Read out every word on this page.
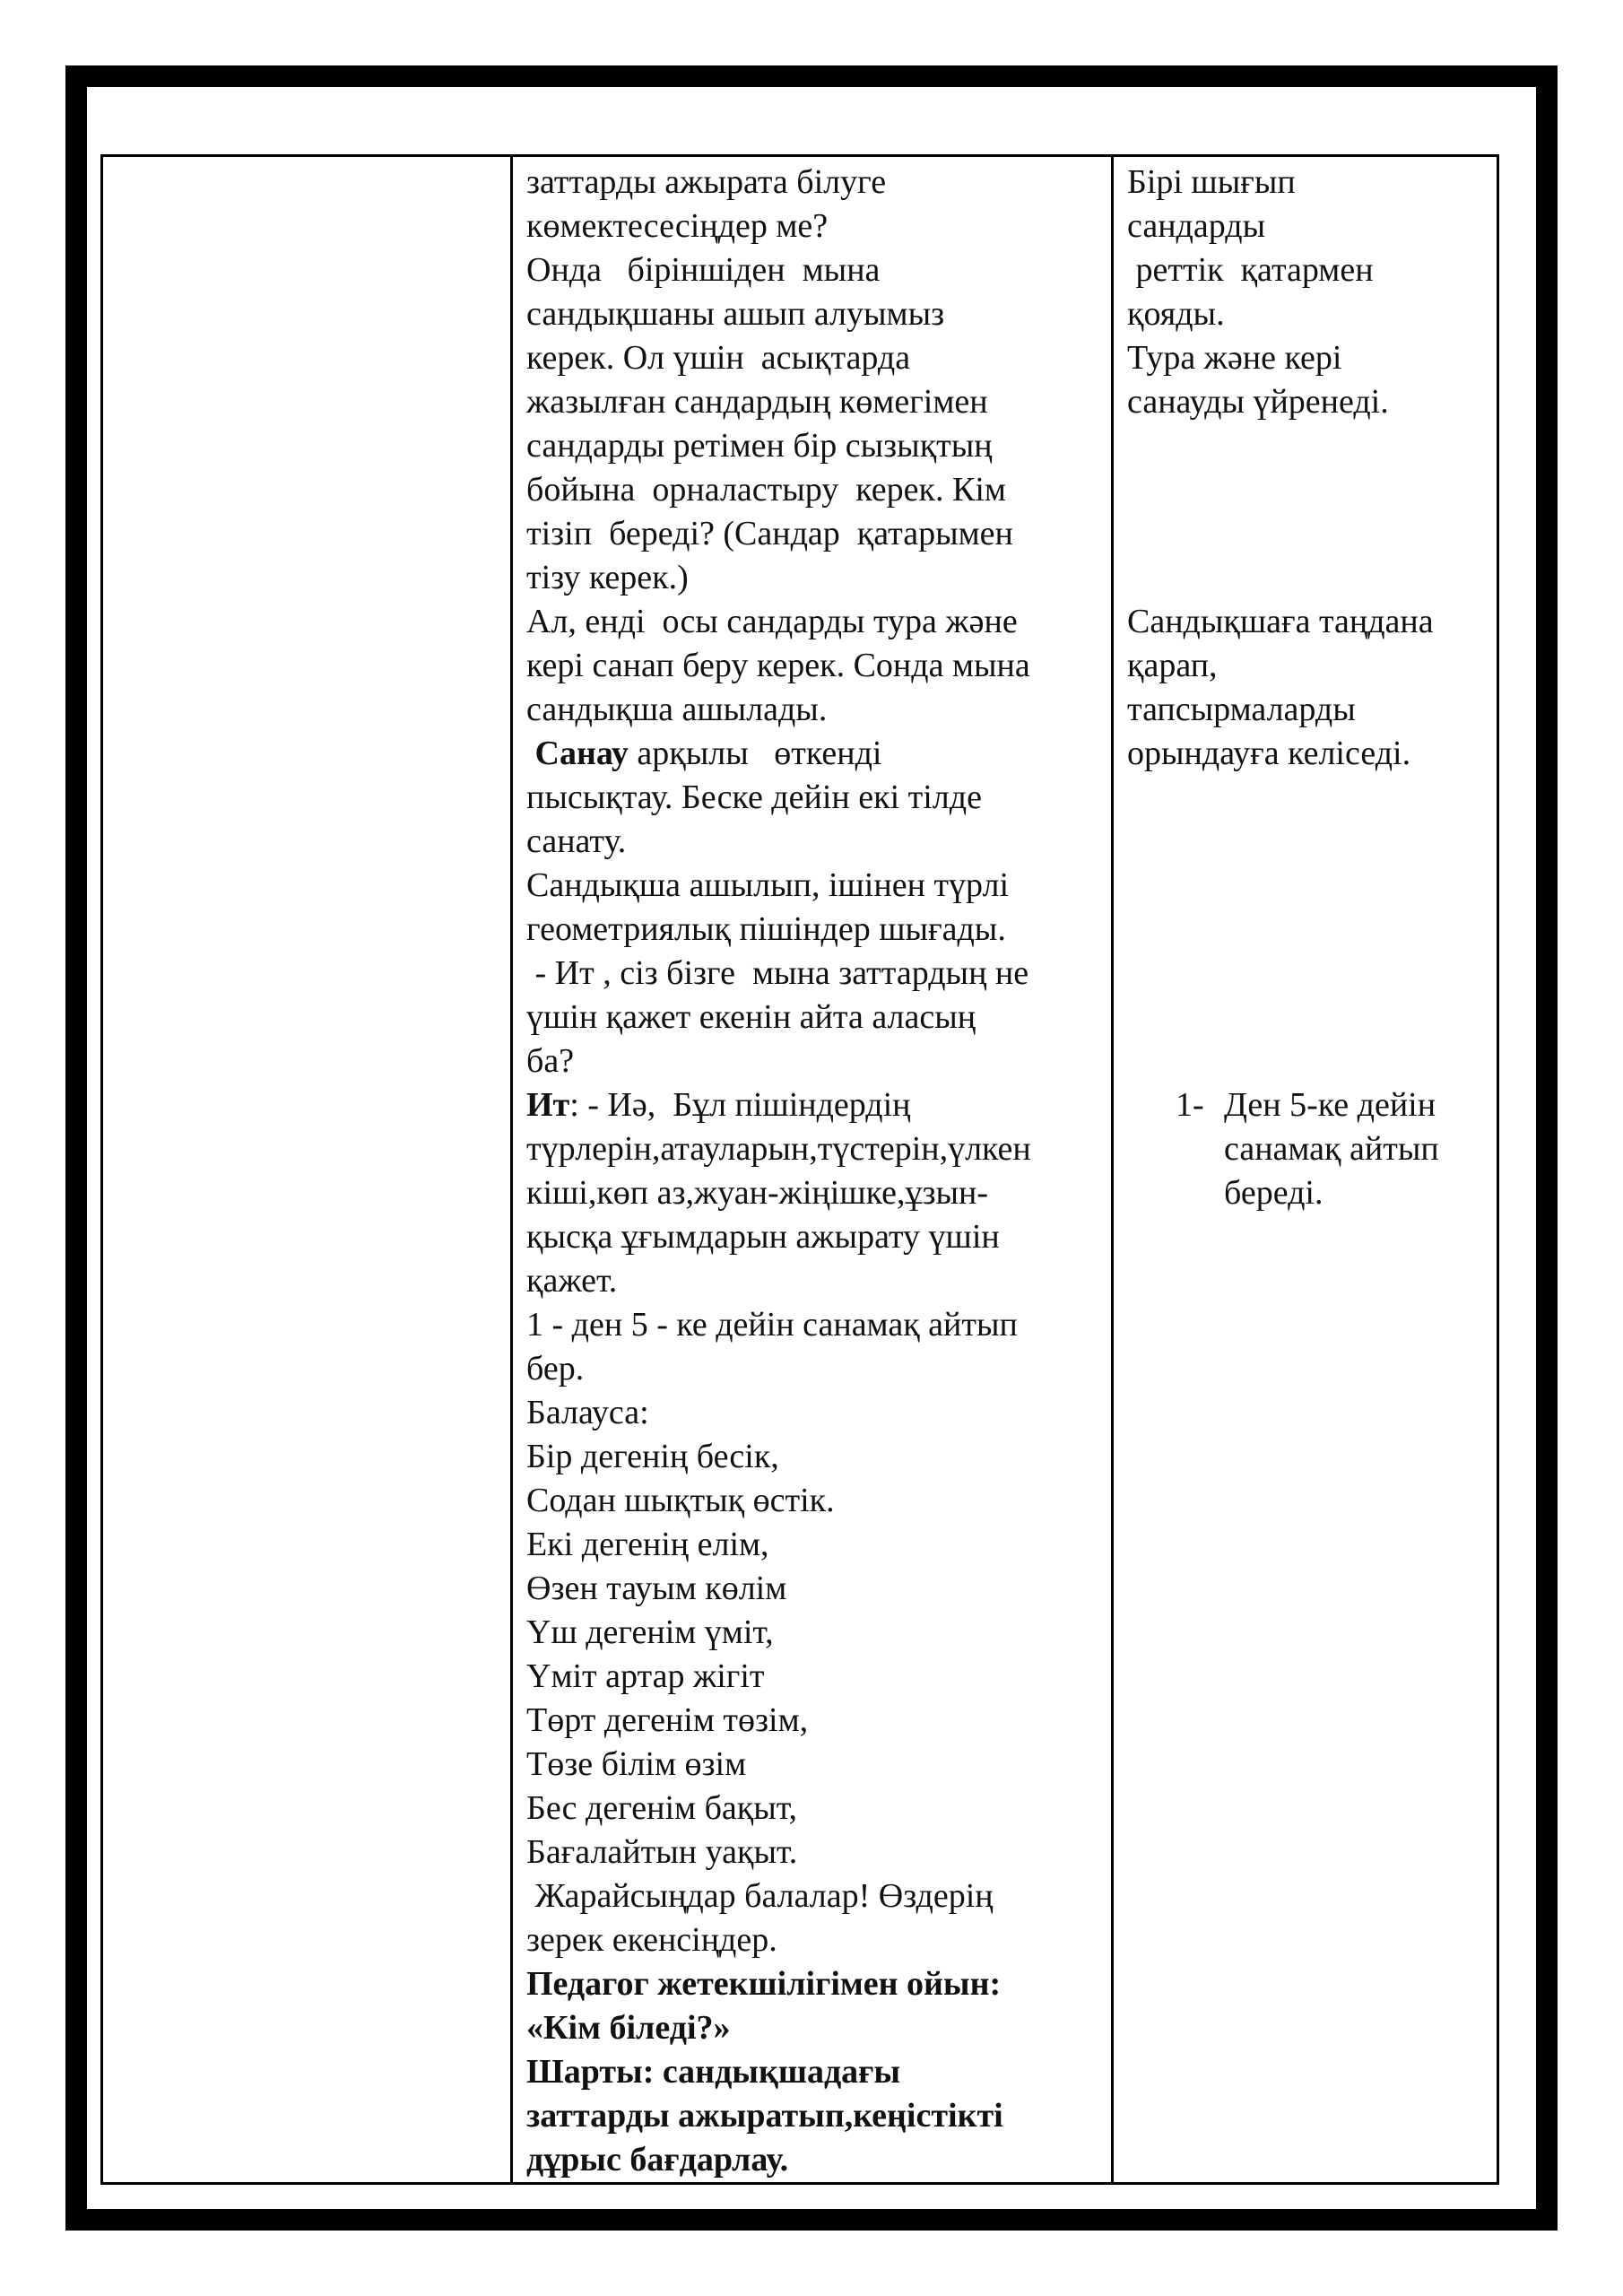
заттарды ажырата білуге

көмектесесіңдер ме?

Онда   біріншіден  мына

сандықшаны ашып алуымыз

керек. Ол үшін  асықтарда

жазылған сандардың көмегімен

сандарды ретімен бір сызықтың

бойына  орналастыру  керек. Кім

тізіп  береді? (Сандар  қатарымен

тізу керек.)

Ал, енді  осы сандарды тура және

кері санап беру керек. Сонда мына

сандықша ашылады.

Санау арқылы   өткенді

пысықтау. Беске дейін екі тілде

санату.

Сандықша ашылып, ішінен түрлі

геометриялық пішіндер шығады.

- Ит , сіз бізге  мына заттардың не

үшін қажет екенін айта аласың

ба?

Ит: - Иә,  Бұл пішіндердің

түрлерін,атауларын,түстерін,үлкен

кіші,көп аз,жуан-жіңішке,ұзын-

қысқа ұғымдарын ажырату үшін

қажет.

1 - ден 5 - ке дейін санамақ айтып

бер.

Балауса:

Бір дегенің бесік,

Содан шықтық өстік.

Екі дегенің елім,

Өзен тауым көлім

Үш дегенім үміт,

Үміт артар жігіт

Төрт дегенім төзім,

Төзе білім өзім

Бес дегенім бақыт,

Бағалайтын уақыт.

Жарайсыңдар балалар! Өздерің

зерек екенсіңдер.

Педагог жетекшілігімен ойын:

«Кім біледі?»

Шарты: сандықшадағы

заттарды ажыратып,кеңістікті

дұрыс бағдарлау.

Бірі шығып

сандарды

реттік  қатармен

қояды.

Тура және кері

санауды үйренеді.

Сандықшаға таңдана

қарап,

тапсырмаларды

орындауға келіседі.

1- Ден 5-ке дейін

санамақ айтып

береді.
